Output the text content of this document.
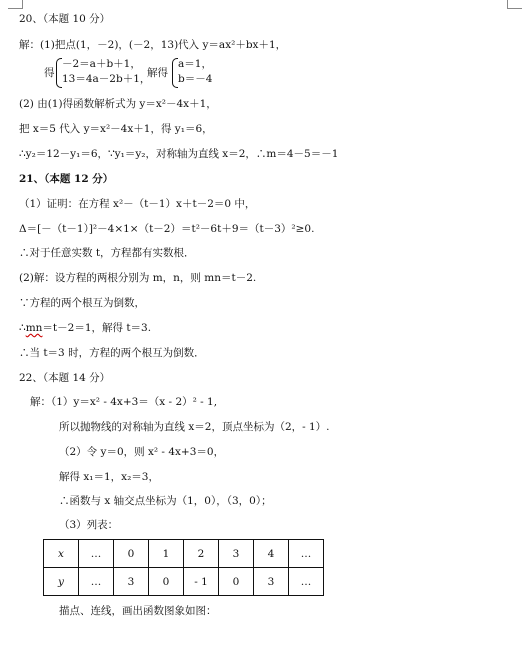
20、（本题 10 分）
解：(1)把点(1，－2)，(－2，13)代入 y＝ax²＋bx＋1，
得
－2＝a＋b＋1，
13＝4a－2b＋1，
解得
a＝1，
b＝－4
(2) 由(1)得函数解析式为 y＝x²－4x＋1，
把 x＝5 代入 y＝x²－4x＋1，得 y₁＝6，
∴y₂＝12－y₁＝6，∵y₁＝y₂，对称轴为直线 x＝2，∴m＝4－5＝－1
21、（本题 12 分）
（1）证明：在方程 x²－（t－1）x＋t－2＝0 中，
Δ＝[－（t－1）]²－4×1×（t－2）＝t²－6t＋9＝（t－3）²≥0.
∴对于任意实数 t，方程都有实数根．
(2)解：设方程的两根分别为 m，n，则 mn＝t－2.
∵方程的两个根互为倒数，
∴mn＝t－2＝1，解得 t＝3.
∴当 t＝3 时，方程的两个根互为倒数．
22、（本题 14 分）
解：（1）y＝x² - 4x+3＝（x - 2）² - 1,
所以抛物线的对称轴为直线 x＝2，顶点坐标为（2，- 1）.
（2）令 y＝0，则 x² - 4x+3＝0，
解得 x₁＝1，x₂＝3，
∴函数与 x 轴交点坐标为（1，0），（3，0）；
（3）列表：
x	…	0	1	2	3	4	…
y	…	3	0	- 1	0	3	…
描点、连线，画出函数图象如图：
